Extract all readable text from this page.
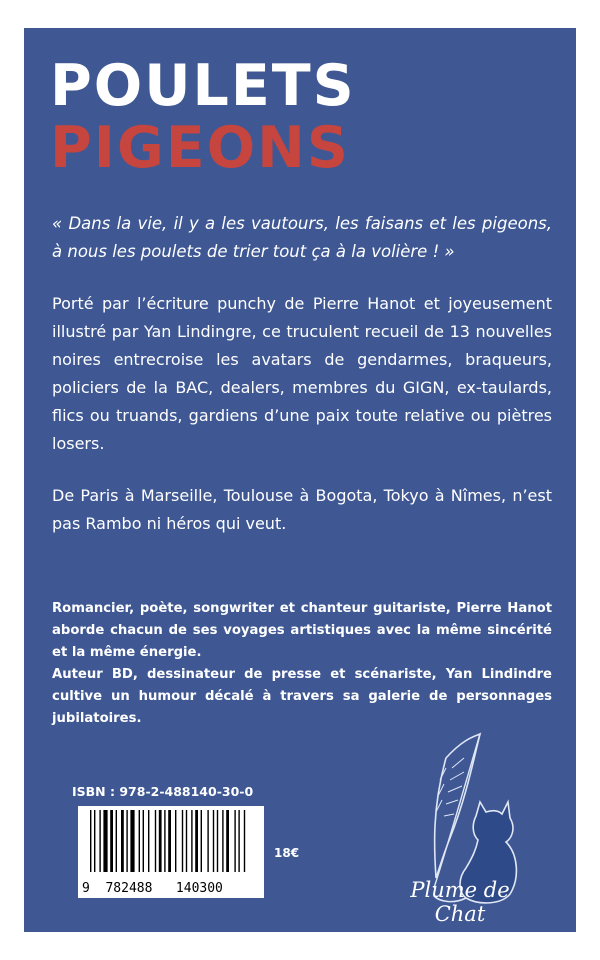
POULETS
PIGEONS

« Dans la vie, il y a les vautours, les faisans et les pigeons, à nous les poulets de trier tout ça à la volière ! »

Porté par l’écriture punchy de Pierre Hanot et joyeusement illustré par Yan Lindingre, ce truculent recueil de 13 nouvelles noires entrecroise les avatars de gendarmes, braqueurs, policiers de la BAC, dealers, membres du GIGN, ex-taulards, flics ou truands, gardiens d’une paix toute relative ou piètres losers.

De Paris à Marseille, Toulouse à Bogota, Tokyo à Nîmes, n’est pas Rambo ni héros qui veut.

Romancier, poète, songwriter et chanteur guitariste, Pierre Hanot aborde chacun de ses voyages artistiques avec la même sincérité et la même énergie.

Auteur BD, dessinateur de presse et scénariste, Yan Lindindre cultive un humour décalé à travers sa galerie de personnages jubilatoires.

ISBN : 978-2-488140-30-0

9  782488   140300
18€
Plume de Chat
